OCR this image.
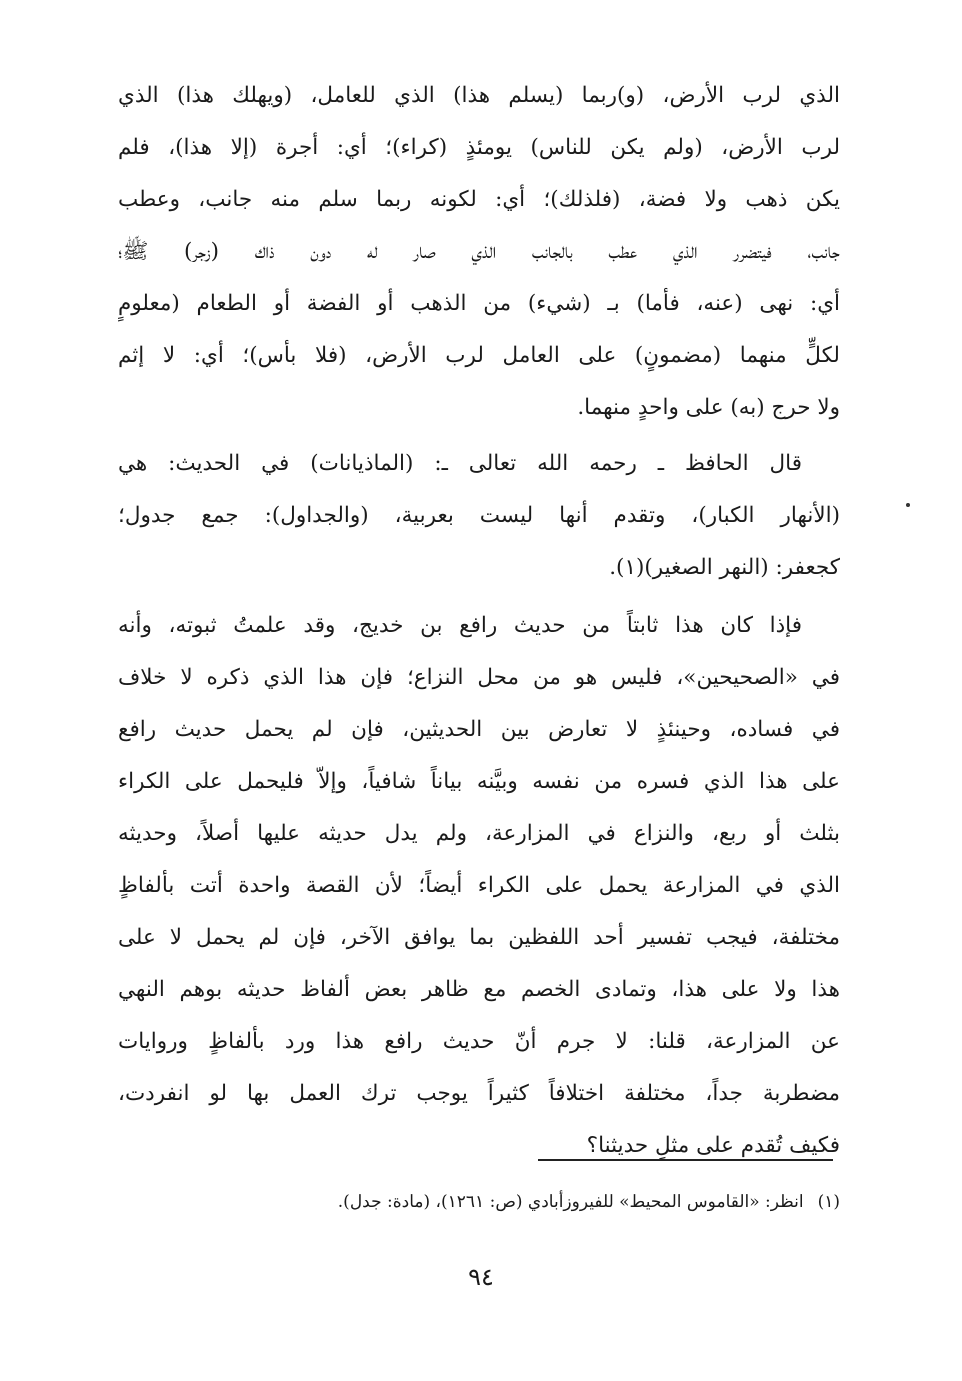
الذي لرب الأرض، (و)ربما (يسلم هذا) الذي للعامل، (ويهلك هذا) الذي
لرب الأرض، (ولم يكن للناس) يومئذٍ (كراء)؛ أي: أجرة (إلا هذا)، فلم
يكن ذهب ولا فضة، (فلذلك)؛ أي: لكونه ربما سلم منه جانب، وعطب
جانب، فيتضرر الذي عطب بالجانب الذي صار له دون ذاك (زجر) ﷺ؛
أي: نهى (عنه، فأما) بـ (شيء) من الذهب أو الفضة أو الطعام (معلومٍ
لكلٍّ منهما (مضمونٍ) على العامل لرب الأرض، (فلا بأس)؛ أي: لا إثم
ولا حرج (به) على واحدٍ منهما.
قال الحافظ ـ رحمه الله تعالى ـ: (الماذيانات) في الحديث: هي
(الأنهار الكبار)، وتقدم أنها ليست بعربية، (والجداول): جمع جدول؛
كجعفر: (النهر الصغير)(١).
فإذا كان هذا ثابتاً من حديث رافع بن خديج، وقد علمتُ ثبوته، وأنه
في «الصحيحين»، فليس هو من محل النزاع؛ فإن هذا الذي ذكره لا خلاف
في فساده، وحينئذٍ لا تعارض بين الحديثين، فإن لم يحمل حديث رافع
على هذا الذي فسره من نفسه وبيَّنه بياناً شافياً، وإلاّ فليحمل على الكراء
بثلث أو ربع، والنزاع في المزارعة، ولم يدل حديثه عليها أصلاً، وحديثه
الذي في المزارعة يحمل على الكراء أيضاً؛ لأن القصة واحدة أتت بألفاظٍ
مختلفة، فيجب تفسير أحد اللفظين بما يوافق الآخر، فإن لم يحمل لا على
هذا ولا على هذا، وتمادى الخصم مع ظاهر بعض ألفاظ حديثه بوهم النهي
عن المزارعة، قلنا: لا جرم أنّ حديث رافع هذا ورد بألفاظٍ وروايات
مضطربة جداً، مختلفة اختلافاً كثيراً يوجب ترك العمل بها لو انفردت،
فكيف تُقدم على مثلِ حديثنا؟
(١)انظر: «القاموس المحيط» للفيروزأبادي (ص: ١٢٦١)، (مادة: جدل).
٩٤
